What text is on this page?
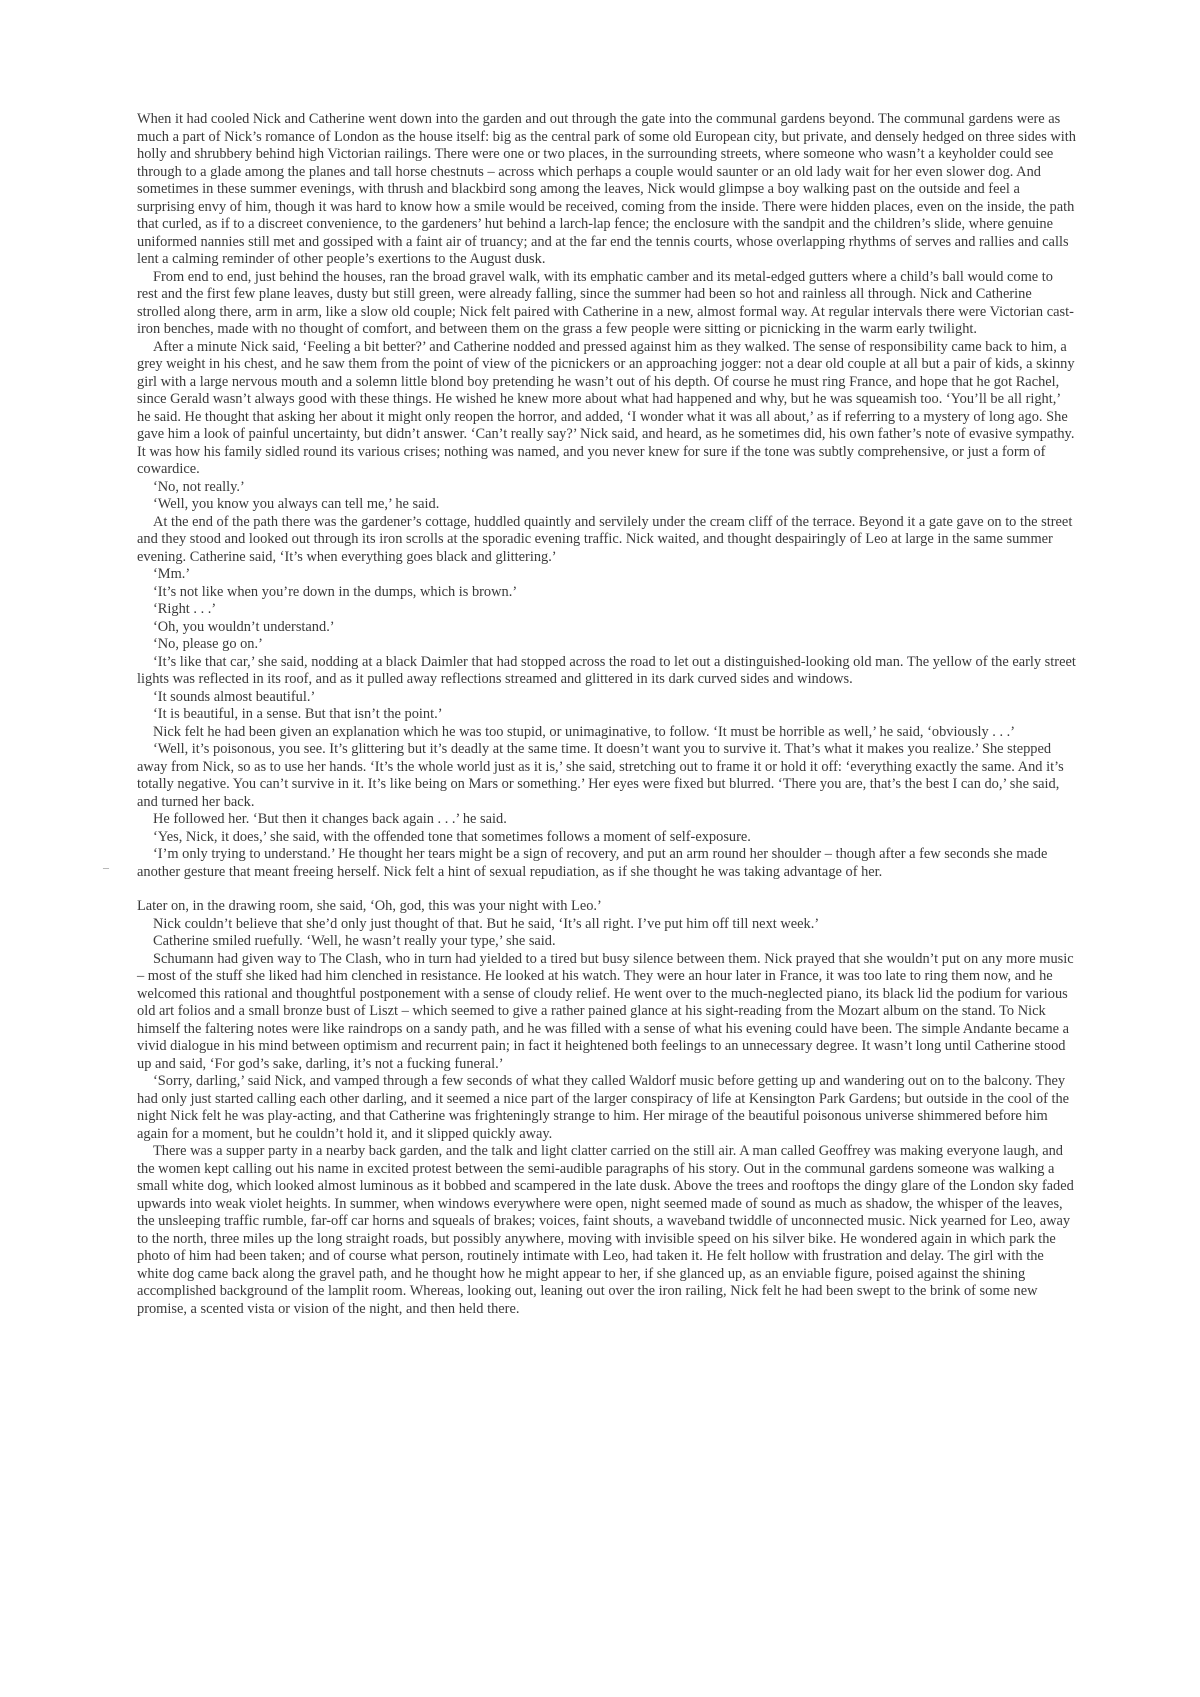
–

When it had cooled Nick and Catherine went down into the garden and out through the gate into the communal gardens beyond. The communal gardens were as much a part of Nick’s romance of London as the house itself: big as the central park of some old European city, but private, and densely hedged on three sides with holly and shrubbery behind high Victorian railings. There were one or two places, in the surrounding streets, where someone who wasn’t a keyholder could see through to a glade among the planes and tall horse chestnuts – across which perhaps a couple would saunter or an old lady wait for her even slower dog. And sometimes in these summer evenings, with thrush and blackbird song among the leaves, Nick would glimpse a boy walking past on the outside and feel a surprising envy of him, though it was hard to know how a smile would be received, coming from the inside. There were hidden places, even on the inside, the path that curled, as if to a discreet convenience, to the gardeners’ hut behind a larch-lap fence; the enclosure with the sandpit and the children’s slide, where genuine uniformed nannies still met and gossiped with a faint air of truancy; and at the far end the tennis courts, whose overlapping rhythms of serves and rallies and calls lent a calming reminder of other people’s exertions to the August dusk.

From end to end, just behind the houses, ran the broad gravel walk, with its emphatic camber and its metal-edged gutters where a child’s ball would come to rest and the first few plane leaves, dusty but still green, were already falling, since the summer had been so hot and rainless all through. Nick and Catherine strolled along there, arm in arm, like a slow old couple; Nick felt paired with Catherine in a new, almost formal way. At regular intervals there were Victorian cast-iron benches, made with no thought of comfort, and between them on the grass a few people were sitting or picnicking in the warm early twilight.

After a minute Nick said, ‘Feeling a bit better?’ and Catherine nodded and pressed against him as they walked. The sense of responsibility came back to him, a grey weight in his chest, and he saw them from the point of view of the picnickers or an approaching jogger: not a dear old couple at all but a pair of kids, a skinny girl with a large nervous mouth and a solemn little blond boy pretending he wasn’t out of his depth. Of course he must ring France, and hope that he got Rachel, since Gerald wasn’t always good with these things. He wished he knew more about what had happened and why, but he was squeamish too. ‘You’ll be all right,’ he said. He thought that asking her about it might only reopen the horror, and added, ‘I wonder what it was all about,’ as if referring to a mystery of long ago. She gave him a look of painful uncertainty, but didn’t answer. ‘Can’t really say?’ Nick said, and heard, as he sometimes did, his own father’s note of evasive sympathy. It was how his family sidled round its various crises; nothing was named, and you never knew for sure if the tone was subtly comprehensive, or just a form of cowardice.

‘No, not really.’

‘Well, you know you always can tell me,’ he said.

At the end of the path there was the gardener’s cottage, huddled quaintly and servilely under the cream cliff of the terrace. Beyond it a gate gave on to the street and they stood and looked out through its iron scrolls at the sporadic evening traffic. Nick waited, and thought despairingly of Leo at large in the same summer evening. Catherine said, ‘It’s when everything goes black and glittering.’

‘Mm.’

‘It’s not like when you’re down in the dumps, which is brown.’

‘Right . . .’

‘Oh, you wouldn’t understand.’

‘No, please go on.’

‘It’s like that car,’ she said, nodding at a black Daimler that had stopped across the road to let out a distinguished-looking old man. The yellow of the early street lights was reflected in its roof, and as it pulled away reflections streamed and glittered in its dark curved sides and windows.

‘It sounds almost beautiful.’

‘It is beautiful, in a sense. But that isn’t the point.’

Nick felt he had been given an explanation which he was too stupid, or unimaginative, to follow. ‘It must be horrible as well,’ he said, ‘obviously . . .’

‘Well, it’s poisonous, you see. It’s glittering but it’s deadly at the same time. It doesn’t want you to survive it. That’s what it makes you realize.’ She stepped away from Nick, so as to use her hands. ‘It’s the whole world just as it is,’ she said, stretching out to frame it or hold it off: ‘everything exactly the same. And it’s totally negative. You can’t survive in it. It’s like being on Mars or something.’ Her eyes were fixed but blurred. ‘There you are, that’s the best I can do,’ she said, and turned her back.

He followed her. ‘But then it changes back again . . .’ he said.

‘Yes, Nick, it does,’ she said, with the offended tone that sometimes follows a moment of self-exposure.

‘I’m only trying to understand.’ He thought her tears might be a sign of recovery, and put an arm round her shoulder – though after a few seconds she made another gesture that meant freeing herself. Nick felt a hint of sexual repudiation, as if she thought he was taking advantage of her.

Later on, in the drawing room, she said, ‘Oh, god, this was your night with Leo.’

Nick couldn’t believe that she’d only just thought of that. But he said, ‘It’s all right. I’ve put him off till next week.’

Catherine smiled ruefully. ‘Well, he wasn’t really your type,’ she said.

Schumann had given way to The Clash, who in turn had yielded to a tired but busy silence between them. Nick prayed that she wouldn’t put on any more music – most of the stuff she liked had him clenched in resistance. He looked at his watch. They were an hour later in France, it was too late to ring them now, and he welcomed this rational and thoughtful postponement with a sense of cloudy relief. He went over to the much-neglected piano, its black lid the podium for various old art folios and a small bronze bust of Liszt – which seemed to give a rather pained glance at his sight-reading from the Mozart album on the stand. To Nick himself the faltering notes were like raindrops on a sandy path, and he was filled with a sense of what his evening could have been. The simple Andante became a vivid dialogue in his mind between optimism and recurrent pain; in fact it heightened both feelings to an unnecessary degree. It wasn’t long until Catherine stood up and said, ‘For god’s sake, darling, it’s not a fucking funeral.’

‘Sorry, darling,’ said Nick, and vamped through a few seconds of what they called Waldorf music before getting up and wandering out on to the balcony. They had only just started calling each other darling, and it seemed a nice part of the larger conspiracy of life at Kensington Park Gardens; but outside in the cool of the night Nick felt he was play-acting, and that Catherine was frighteningly strange to him. Her mirage of the beautiful poisonous universe shimmered before him again for a moment, but he couldn’t hold it, and it slipped quickly away.

There was a supper party in a nearby back garden, and the talk and light clatter carried on the still air. A man called Geoffrey was making everyone laugh, and the women kept calling out his name in excited protest between the semi-audible paragraphs of his story. Out in the communal gardens someone was walking a small white dog, which looked almost luminous as it bobbed and scampered in the late dusk. Above the trees and rooftops the dingy glare of the London sky faded upwards into weak violet heights. In summer, when windows everywhere were open, night seemed made of sound as much as shadow, the whisper of the leaves, the unsleeping traffic rumble, far-off car horns and squeals of brakes; voices, faint shouts, a waveband twiddle of unconnected music. Nick yearned for Leo, away to the north, three miles up the long straight roads, but possibly anywhere, moving with invisible speed on his silver bike. He wondered again in which park the photo of him had been taken; and of course what person, routinely intimate with Leo, had taken it. He felt hollow with frustration and delay. The girl with the white dog came back along the gravel path, and he thought how he might appear to her, if she glanced up, as an enviable figure, poised against the shining accomplished background of the lamplit room. Whereas, looking out, leaning out over the iron railing, Nick felt he had been swept to the brink of some new promise, a scented vista or vision of the night, and then held there.
